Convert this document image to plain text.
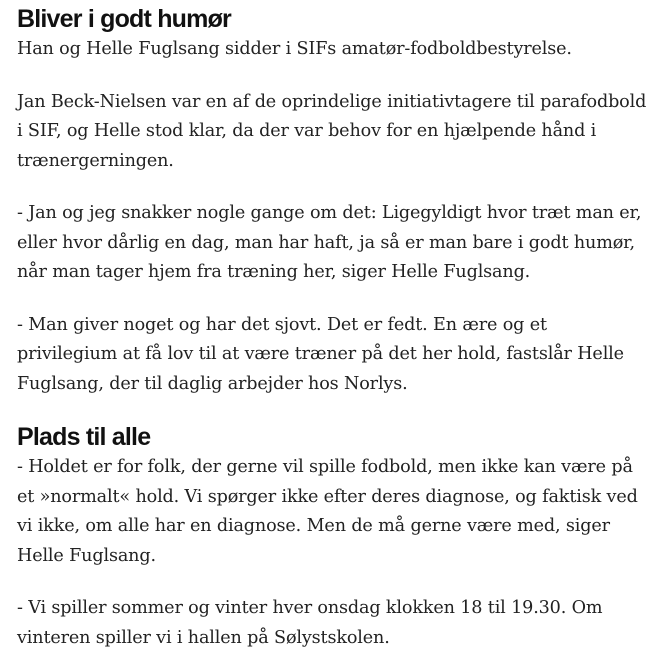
Bliver i godt humør

Han og Helle Fuglsang sidder i SIFs amatør-fodboldbestyrelse.

Jan Beck-Nielsen var en af de oprindelige initiativtagere til parafodbold i SIF, og Helle stod klar, da der var behov for en hjælpende hånd i trænergerningen.

- Jan og jeg snakker nogle gange om det: Ligegyldigt hvor træt man er, eller hvor dårlig en dag, man har haft, ja så er man bare i godt humør, når man tager hjem fra træning her, siger Helle Fuglsang.

- Man giver noget og har det sjovt. Det er fedt. En ære og et privilegium at få lov til at være træner på det her hold, fastslår Helle Fuglsang, der til daglig arbejder hos Norlys.

Plads til alle

- Holdet er for folk, der gerne vil spille fodbold, men ikke kan være på et »normalt« hold. Vi spørger ikke efter deres diagnose, og faktisk ved vi ikke, om alle har en diagnose. Men de må gerne være med, siger Helle Fuglsang.

- Vi spiller sommer og vinter hver onsdag klokken 18 til 19.30. Om vinteren spiller vi i hallen på Sølystskolen.
